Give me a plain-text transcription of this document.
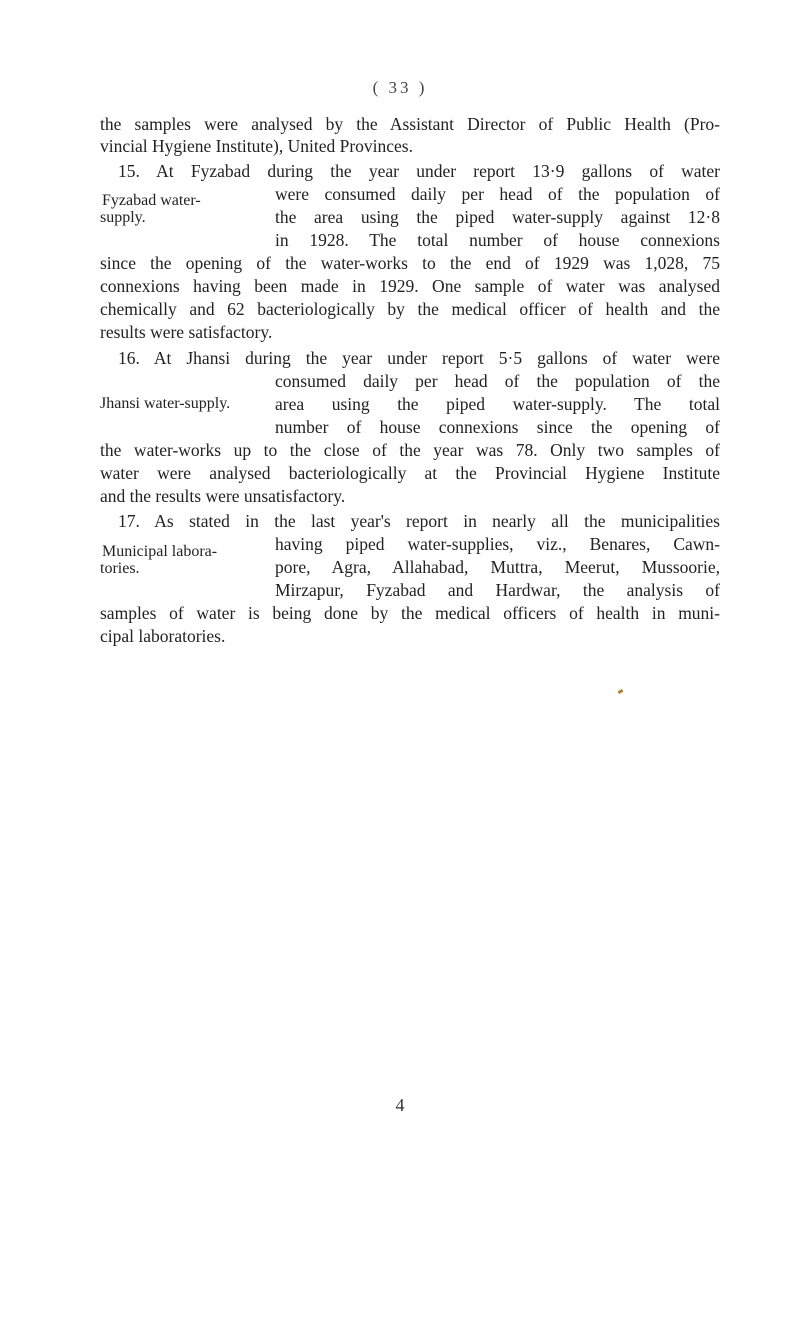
( 33 )
the samples were analysed by the Assistant Director of Public Health (Pro-
vincial Hygiene Institute), United Provinces.
15. At Fyzabad during the year under report 13·9 gallons of water
Fyzabad water-
supply.
were consumed daily per head of the population of
the area using the piped water-supply against 12·8
in 1928. The total number of house connexions
since the opening of the water-works to the end of 1929 was 1,028, 75
connexions having been made in 1929. One sample of water was analysed
chemically and 62 bacteriologically by the medical officer of health and the
results were satisfactory.
16. At Jhansi during the year under report 5·5 gallons of water were
consumed daily per head of the population of the
Jhansi water-supply.	area using the piped water-supply. The total
number of house connexions since the opening of
the water-works up to the close of the year was 78. Only two samples of
water were analysed bacteriologically at the Provincial Hygiene Institute
and the results were unsatisfactory.
17. As stated in the last year's report in nearly all the municipalities
having piped water-supplies, viz., Benares, Cawn-
Municipal labora-
tories.	pore, Agra, Allahabad, Muttra, Meerut, Mussoorie,
Mirzapur, Fyzabad and Hardwar, the analysis of
samples of water is being done by the medical officers of health in muni-
cipal laboratories.
4
